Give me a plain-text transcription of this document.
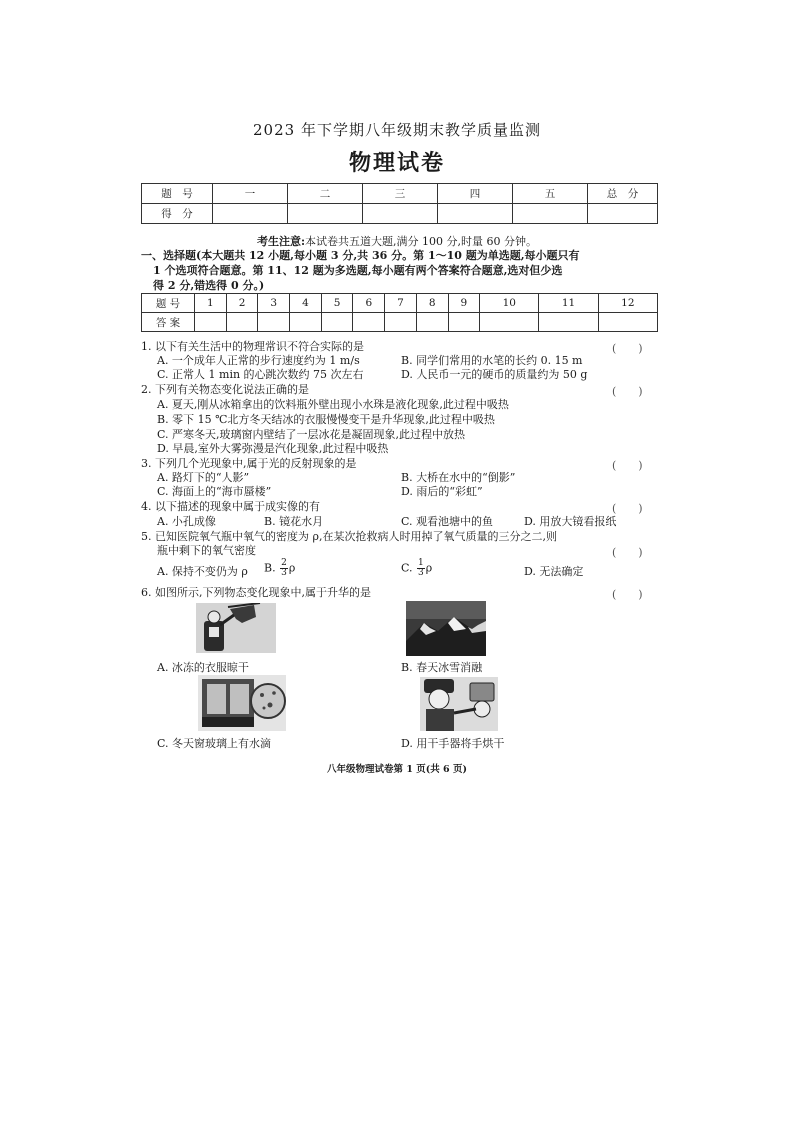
2023 年下学期八年级期末教学质量监测
物理试卷
题　号	一	二	三	四	五	总　分
得　分						
考生注意:本试卷共五道大题,满分 100 分,时量 60 分钟。
一、选择题(本大题共 12 小题,每小题 3 分,共 36 分。第 1～10 题为单选题,每小题只有
1 个选项符合题意。第 11、12 题为多选题,每小题有两个答案符合题意,选对但少选
得 2 分,错选得 0 分。)
题 号	1	2	3	4	5	6	7	8	9	10	11	12
答 案												
1. 以下有关生活中的物理常识不符合实际的是	(　　)
A. 一个成年人正常的步行速度约为 1 m/s	B. 同学们常用的水笔的长约 0. 15 m
C. 正常人 1 min 的心跳次数约 75 次左右	D. 人民币一元的硬币的质量约为 50 g
2. 下列有关物态变化说法正确的是	(　　)
A. 夏天,刚从冰箱拿出的饮料瓶外壁出现小水珠是液化现象,此过程中吸热
B. 零下 15 ℃北方冬天结冰的衣服慢慢变干是升华现象,此过程中吸热
C. 严寒冬天,玻璃窗内壁结了一层冰花是凝固现象,此过程中放热
D. 早晨,室外大雾弥漫是汽化现象,此过程中吸热
3. 下列几个光现象中,属于光的反射现象的是	(　　)
A. 路灯下的“人影”	B. 大桥在水中的“倒影”
C. 海面上的“海市蜃楼”	D. 雨后的“彩虹”
4. 以下描述的现象中属于成实像的有	(　　)
A. 小孔成像	B. 镜花水月	C. 观看池塘中的鱼	D. 用放大镜看报纸
5. 已知医院氧气瓶中氧气的密度为 ρ,在某次抢救病人时用掉了氧气质量的三分之二,则
瓶中剩下的氧气密度	(　　)
A. 保持不变仍为 ρ B. $\frac{2}{3}$ ρ	C. $\frac{1}{3}$ ρ	D. 无法确定
6. 如图所示,下列物态变化现象中,属于升华的是	(　　)
A. 冰冻的衣服晾干	B. 春天冰雪消融
C. 冬天窗玻璃上有水滴	D. 用干手器将手烘干
八年级物理试卷第 1 页(共 6 页)
